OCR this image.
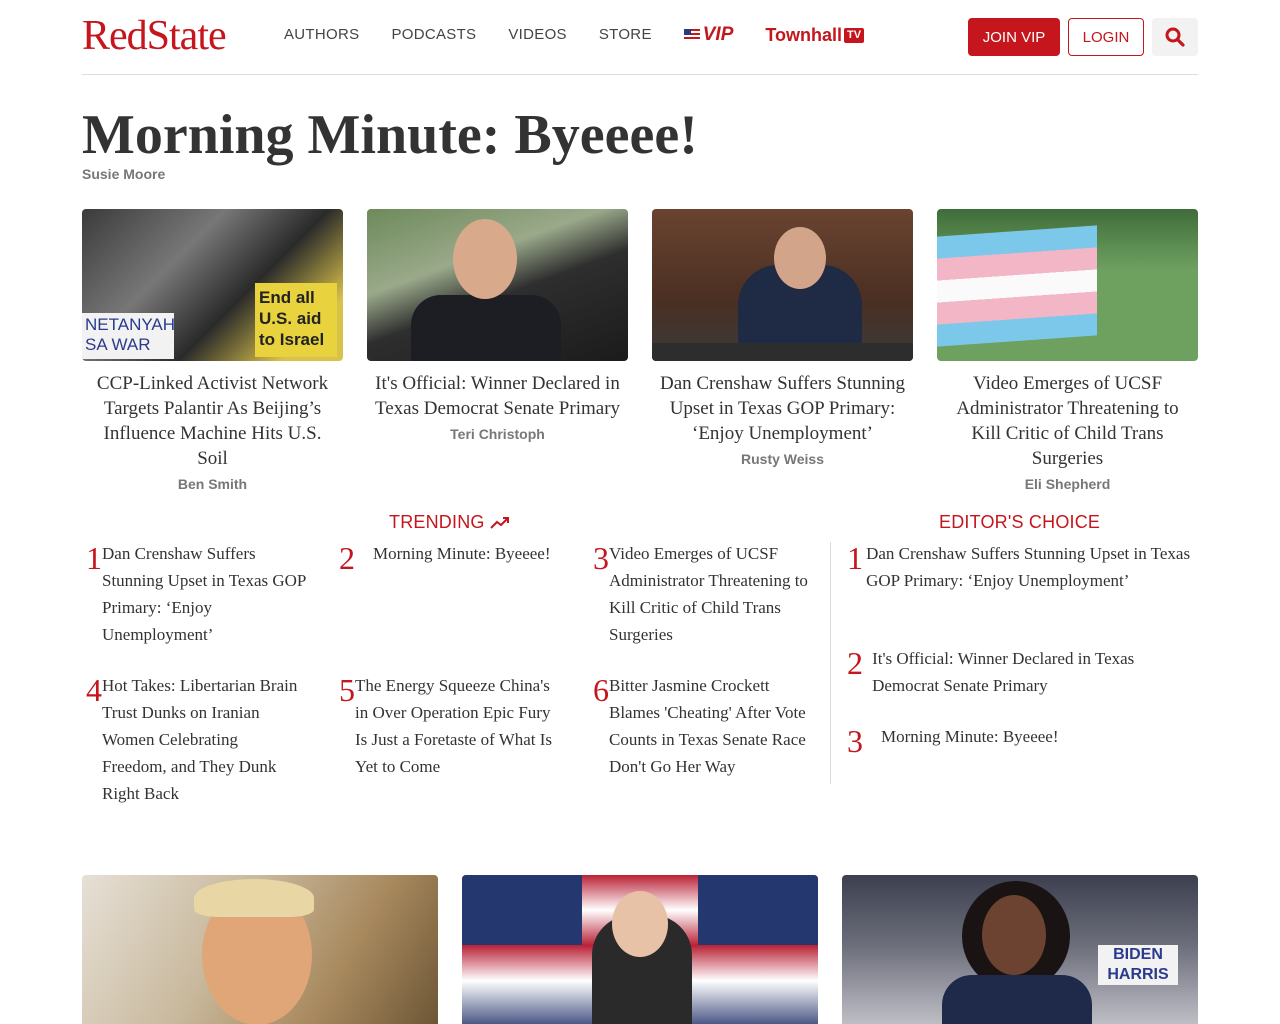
RedState	AUTHORS PODCASTS VIDEOS STORE	VIP Townhall TV	JOIN VIP	LOGIN
Morning Minute: Byeeee!
Susie Moore
NETANYAH SA WAR
End all U.S. aid to Israel
CCP-Linked Activist Network Targets Palantir As Beijing’s Influence Machine Hits U.S. Soil
Ben Smith
It's Official: Winner Declared in Texas Democrat Senate Primary
Teri Christoph
Dan Crenshaw Suffers Stunning Upset in Texas GOP Primary: ‘Enjoy Unemployment’
Rusty Weiss
Video Emerges of UCSF Administrator Threatening to Kill Critic of Child Trans Surgeries
Eli Shepherd
TRENDING	EDITOR'S CHOICE
1 Dan Crenshaw Suffers Stunning Upset in Texas GOP Primary: ‘Enjoy Unemployment’
2	Morning Minute: Byeeee! 3 Video Emerges of UCSF Administrator Threatening to Kill Critic of Child Trans Surgeries
4 Hot Takes: Libertarian Brain Trust Dunks on Iranian Women Celebrating Freedom, and They Dunk Right Back
5 The Energy Squeeze China's in Over Operation Epic Fury Is Just a Foretaste of What Is Yet to Come
6 Bitter Jasmine Crockett Blames 'Cheating' After Vote Counts in Texas Senate Race Don't Go Her Way
1 Dan Crenshaw Suffers Stunning Upset in Texas GOP Primary: ‘Enjoy Unemployment’
2 It's Official: Winner Declared in Texas Democrat Senate Primary
3	Morning Minute: Byeeee!
BIDEN HARRIS
